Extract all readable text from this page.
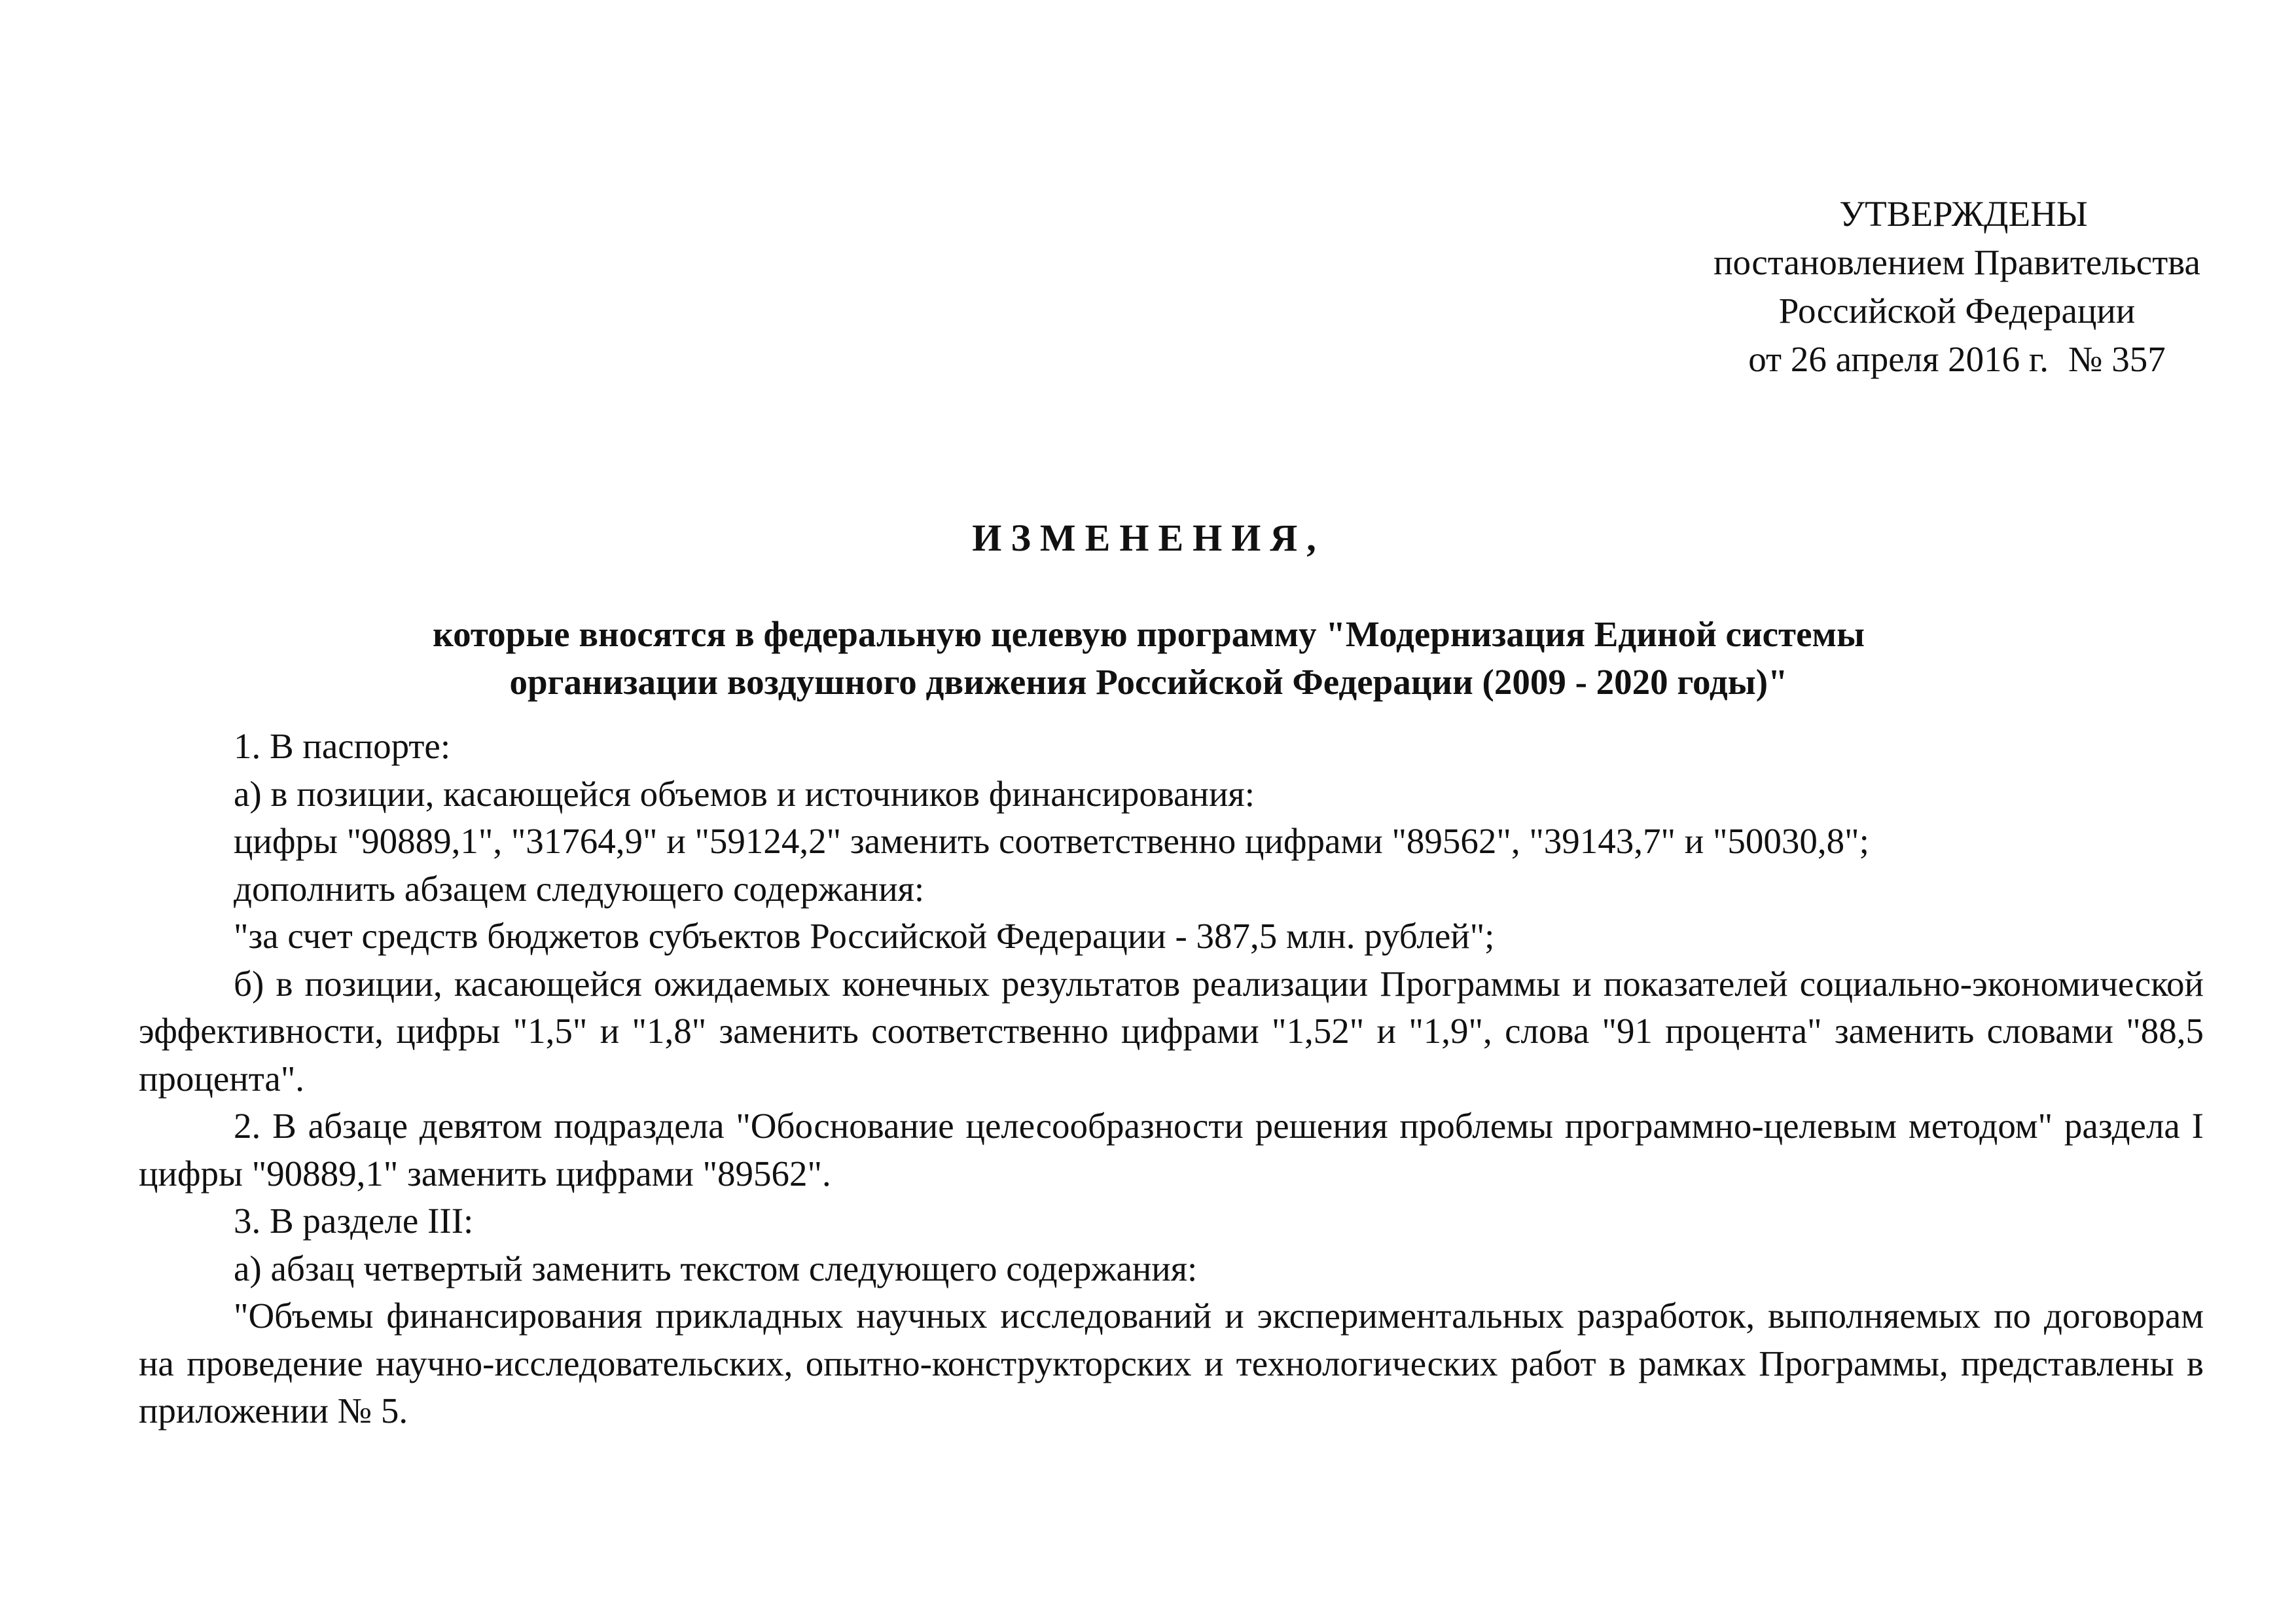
УТВЕРЖДЕНЫ
постановлением Правительства
Российской Федерации
от 26 апреля 2016 г. № 357
ИЗМЕНЕНИЯ,
которые вносятся в федеральную целевую программу "Модернизация Единой системы
организации воздушного движения Российской Федерации (2009 - 2020 годы)"

1. В паспорте:

а) в позиции, касающейся объемов и источников финансирования:

цифры "90889,1", "31764,9" и "59124,2" заменить соответственно цифрами "89562", "39143,7" и "50030,8";

дополнить абзацем следующего содержания:

"за счет средств бюджетов субъектов Российской Федерации - 387,5 млн. рублей";

б) в позиции, касающейся ожидаемых конечных результатов реализации Программы и показателей социально-экономической эффективности, цифры "1,5" и "1,8" заменить соответственно цифрами "1,52" и "1,9", слова "91 процента" заменить словами "88,5 процента".

2. В абзаце девятом подраздела "Обоснование целесообразности решения проблемы программно-целевым методом" раздела I цифры "90889,1" заменить цифрами "89562".

3. В разделе III:

а) абзац четвертый заменить текстом следующего содержания:

"Объемы финансирования прикладных научных исследований и экспериментальных разработок, выполняемых по договорам на проведение научно-исследовательских, опытно-конструкторских и технологических работ в рамках Программы, представлены в приложении № 5.
